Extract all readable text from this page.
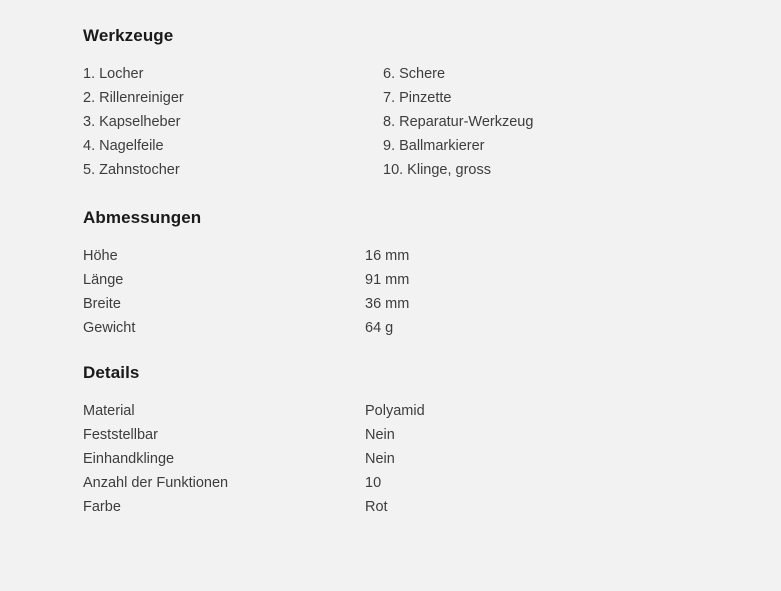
Werkzeuge
1. Locher
2. Rillenreiniger
3. Kapselheber
4. Nagelfeile
5. Zahnstocher
6. Schere
7. Pinzette
8. Reparatur-Werkzeug
9. Ballmarkierer
10. Klinge, gross
Abmessungen
Höhe	16 mm
Länge	91 mm
Breite	36 mm
Gewicht	64 g
Details
Material	Polyamid
Feststellbar	Nein
Einhandklinge	Nein
Anzahl der Funktionen	10
Farbe	Rot
